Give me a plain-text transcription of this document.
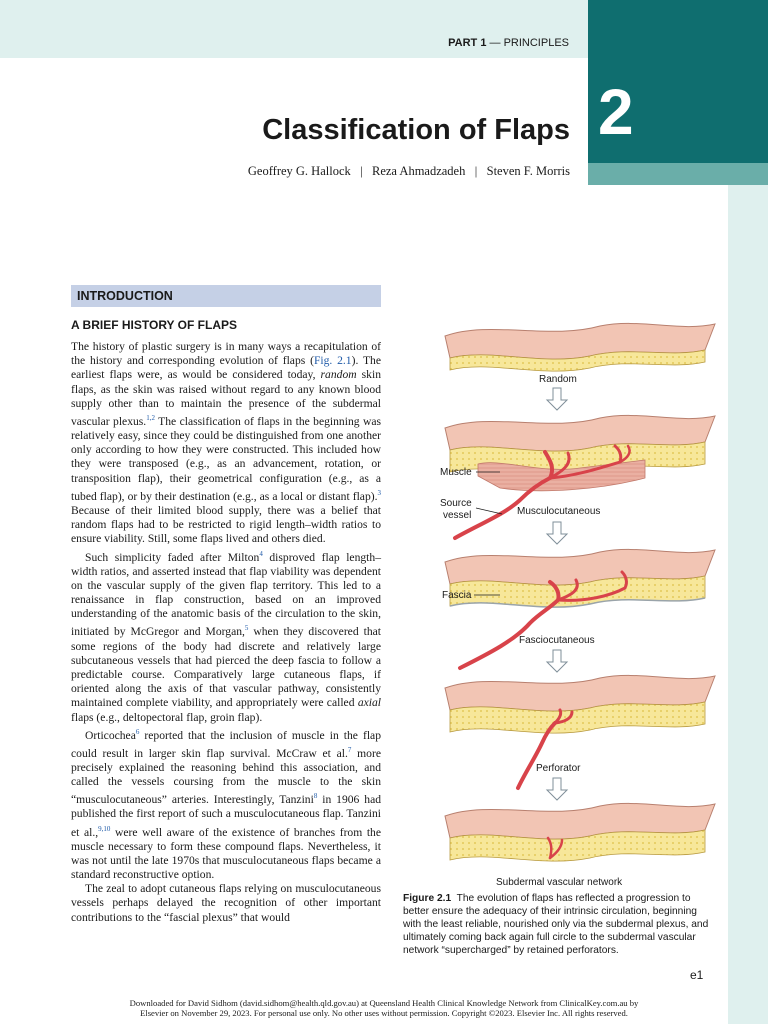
PART 1 — PRINCIPLES
2
Classification of Flaps
Geoffrey G. Hallock   |   Reza Ahmadzadeh   |   Steven F. Morris
INTRODUCTION
A BRIEF HISTORY OF FLAPS

The history of plastic surgery is in many ways a recapitulation of the history and corresponding evolution of flaps (Fig. 2.1). The earliest flaps were, as would be considered today, random skin flaps, as the skin was raised without regard to any known blood supply other than to maintain the presence of the subdermal vascular plexus.$^{1,2}$ The classification of flaps in the beginning was relatively easy, since they could be distinguished from one another only according to how they were constructed. This included how they were transposed (e.g., as an advancement, rotation, or transposition flap), their geometrical configuration (e.g., as a tubed flap), or by their destination (e.g., as a local or distant flap).$^3$ Because of their limited blood supply, there was a belief that random flaps had to be restricted to rigid length–width ratios to ensure viability. Still, some flaps lived and others died.

Such simplicity faded after Milton$^4$ disproved flap length–width ratios, and asserted instead that flap viability was dependent on the vascular supply of the given flap territory. This led to a renaissance in flap construction, based on an improved understanding of the anatomic basis of the circulation to the skin, initiated by McGregor and Morgan,$^5$ when they discovered that some regions of the body had discrete and relatively large subcutaneous vessels that had pierced the deep fascia to follow a predictable course. Comparatively large cutaneous flaps, if oriented along the axis of that vascular pathway, consistently maintained complete viability, and appropriately were called axial flaps (e.g., deltopectoral flap, groin flap).

Orticochea$^6$ reported that the inclusion of muscle in the flap could result in larger skin flap survival. McCraw et al.$^7$ more precisely explained the reasoning behind this association, and called the vessels coursing from the muscle to the skin “musculocutaneous” arteries. Interestingly, Tanzini$^8$ in 1906 had published the first report of such a musculocutaneous flap. Tanzini et al.,$^{9,10}$ were well aware of the existence of branches from the muscle necessary to form these compound flaps. Nevertheless, it was not until the late 1970s that musculocutaneous flaps became a standard reconstructive option.

The zeal to adopt cutaneous flaps relying on musculocutaneous vessels perhaps delayed the recognition of other important contributions to the “fascial plexus” that would

Random
Muscle
Source
vessel	Musculocutaneous
Fascia
Fasciocutaneous
Perforator
Subdermal vascular network
Figure 2.1  The evolution of flaps has reflected a progression to better ensure the adequacy of their intrinsic circulation, beginning with the least reliable, nourished only via the subdermal plexus, and ultimately coming back again full circle to the subdermal vascular network “supercharged” by retained perforators.
e1
Downloaded for David Sidhom (david.sidhom@health.qld.gov.au) at Queensland Health Clinical Knowledge Network from ClinicalKey.com.au by
Elsevier on November 29, 2023. For personal use only. No other uses without permission. Copyright ©2023. Elsevier Inc. All rights reserved.
